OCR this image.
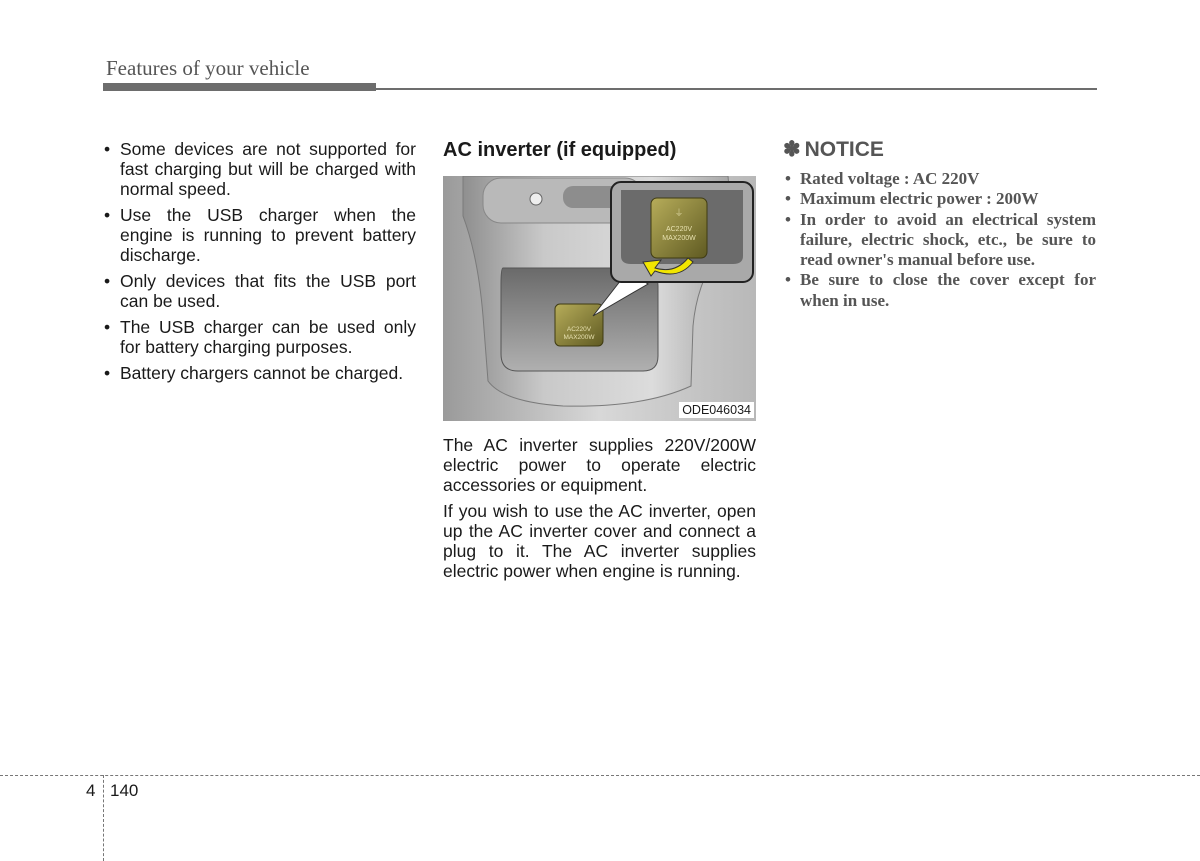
Features of your vehicle
• Some devices are not supported for fast charging but will be charged with normal speed.
• Use the USB charger when the engine is running to prevent battery discharge.
• Only devices that fits the USB port can be used.
• The USB charger can be used only for battery charging purposes.
• Battery chargers cannot be charged.
AC inverter (if equipped)
AC220V
MAX200W
⏚
AC220V
MAX200W
ODE046034

The AC inverter supplies 220V/200W electric power to operate electric accessories or equipment.

If you wish to use the AC inverter, open up the AC inverter cover and connect a plug to it. The AC inverter supplies electric power when engine is running.

✽ NOTICE
• Rated voltage : AC 220V
• Maximum electric power : 200W
• In order to avoid an electrical system failure, electric shock, etc., be sure to read owner's manual before use.
• Be sure to close the cover except for when in use.
4 140
